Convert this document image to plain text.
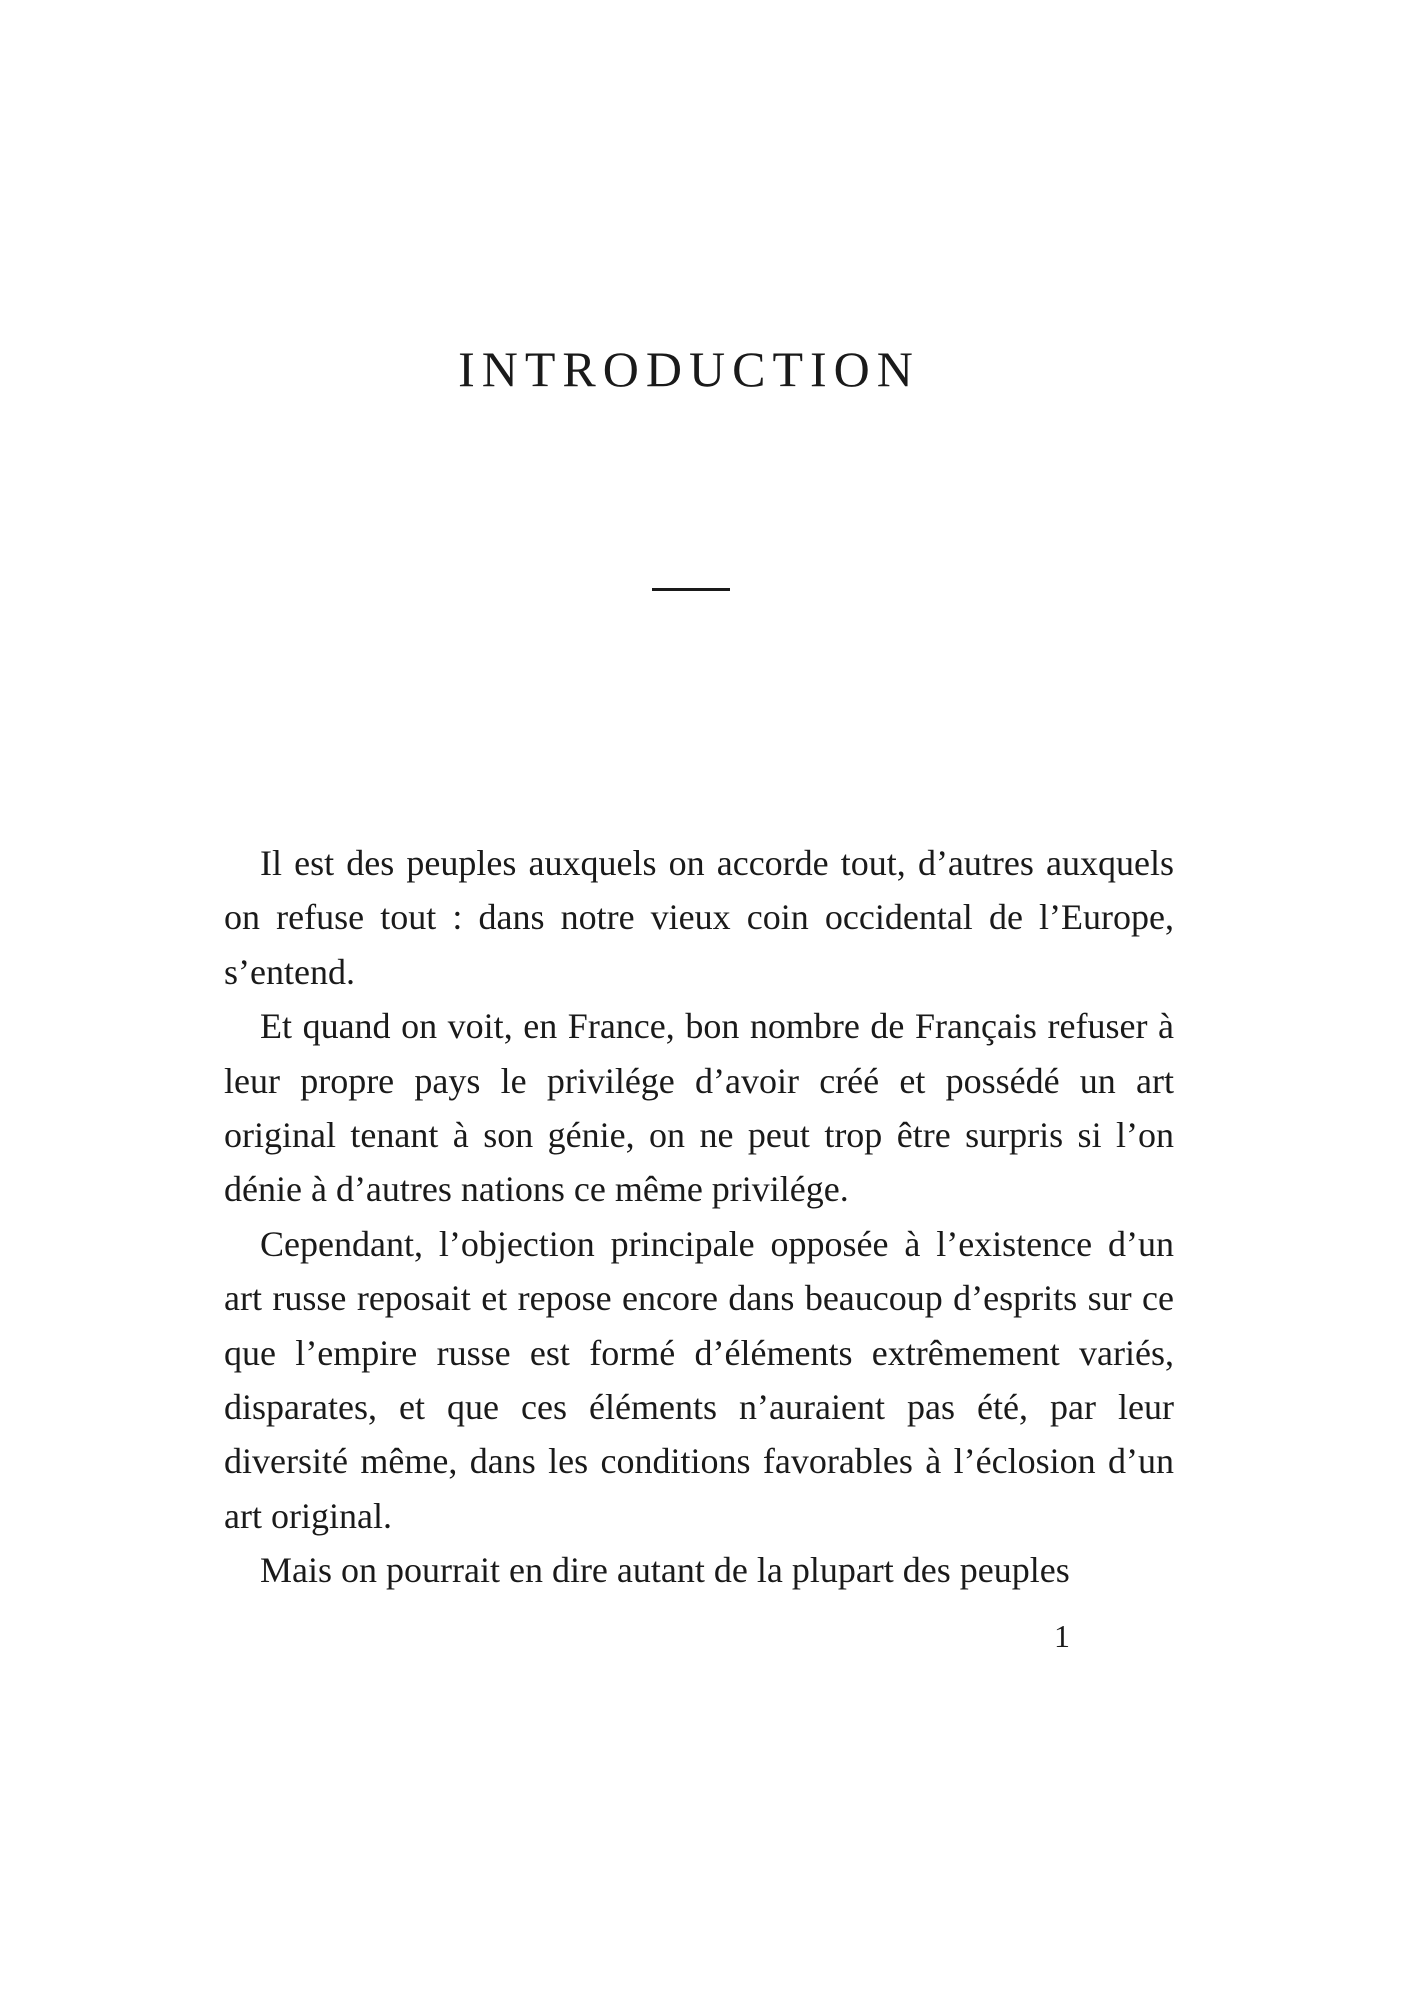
INTRODUCTION

Il est des peuples auxquels on accorde tout, d’autres auxquels on refuse tout : dans notre vieux coin occidental de l’Europe, s’entend.

Et quand on voit, en France, bon nombre de Français refuser à leur propre pays le privilége d’avoir créé et possédé un art original tenant à son génie, on ne peut trop être surpris si l’on dénie à d’autres nations ce même privilége.

Cependant, l’objection principale opposée à l’existence d’un art russe reposait et repose encore dans beaucoup d’esprits sur ce que l’empire russe est formé d’éléments extrêmement variés, disparates, et que ces éléments n’auraient pas été, par leur diversité même, dans les conditions favorables à l’éclosion d’un art original.

Mais on pourrait en dire autant de la plupart des peuples

1
